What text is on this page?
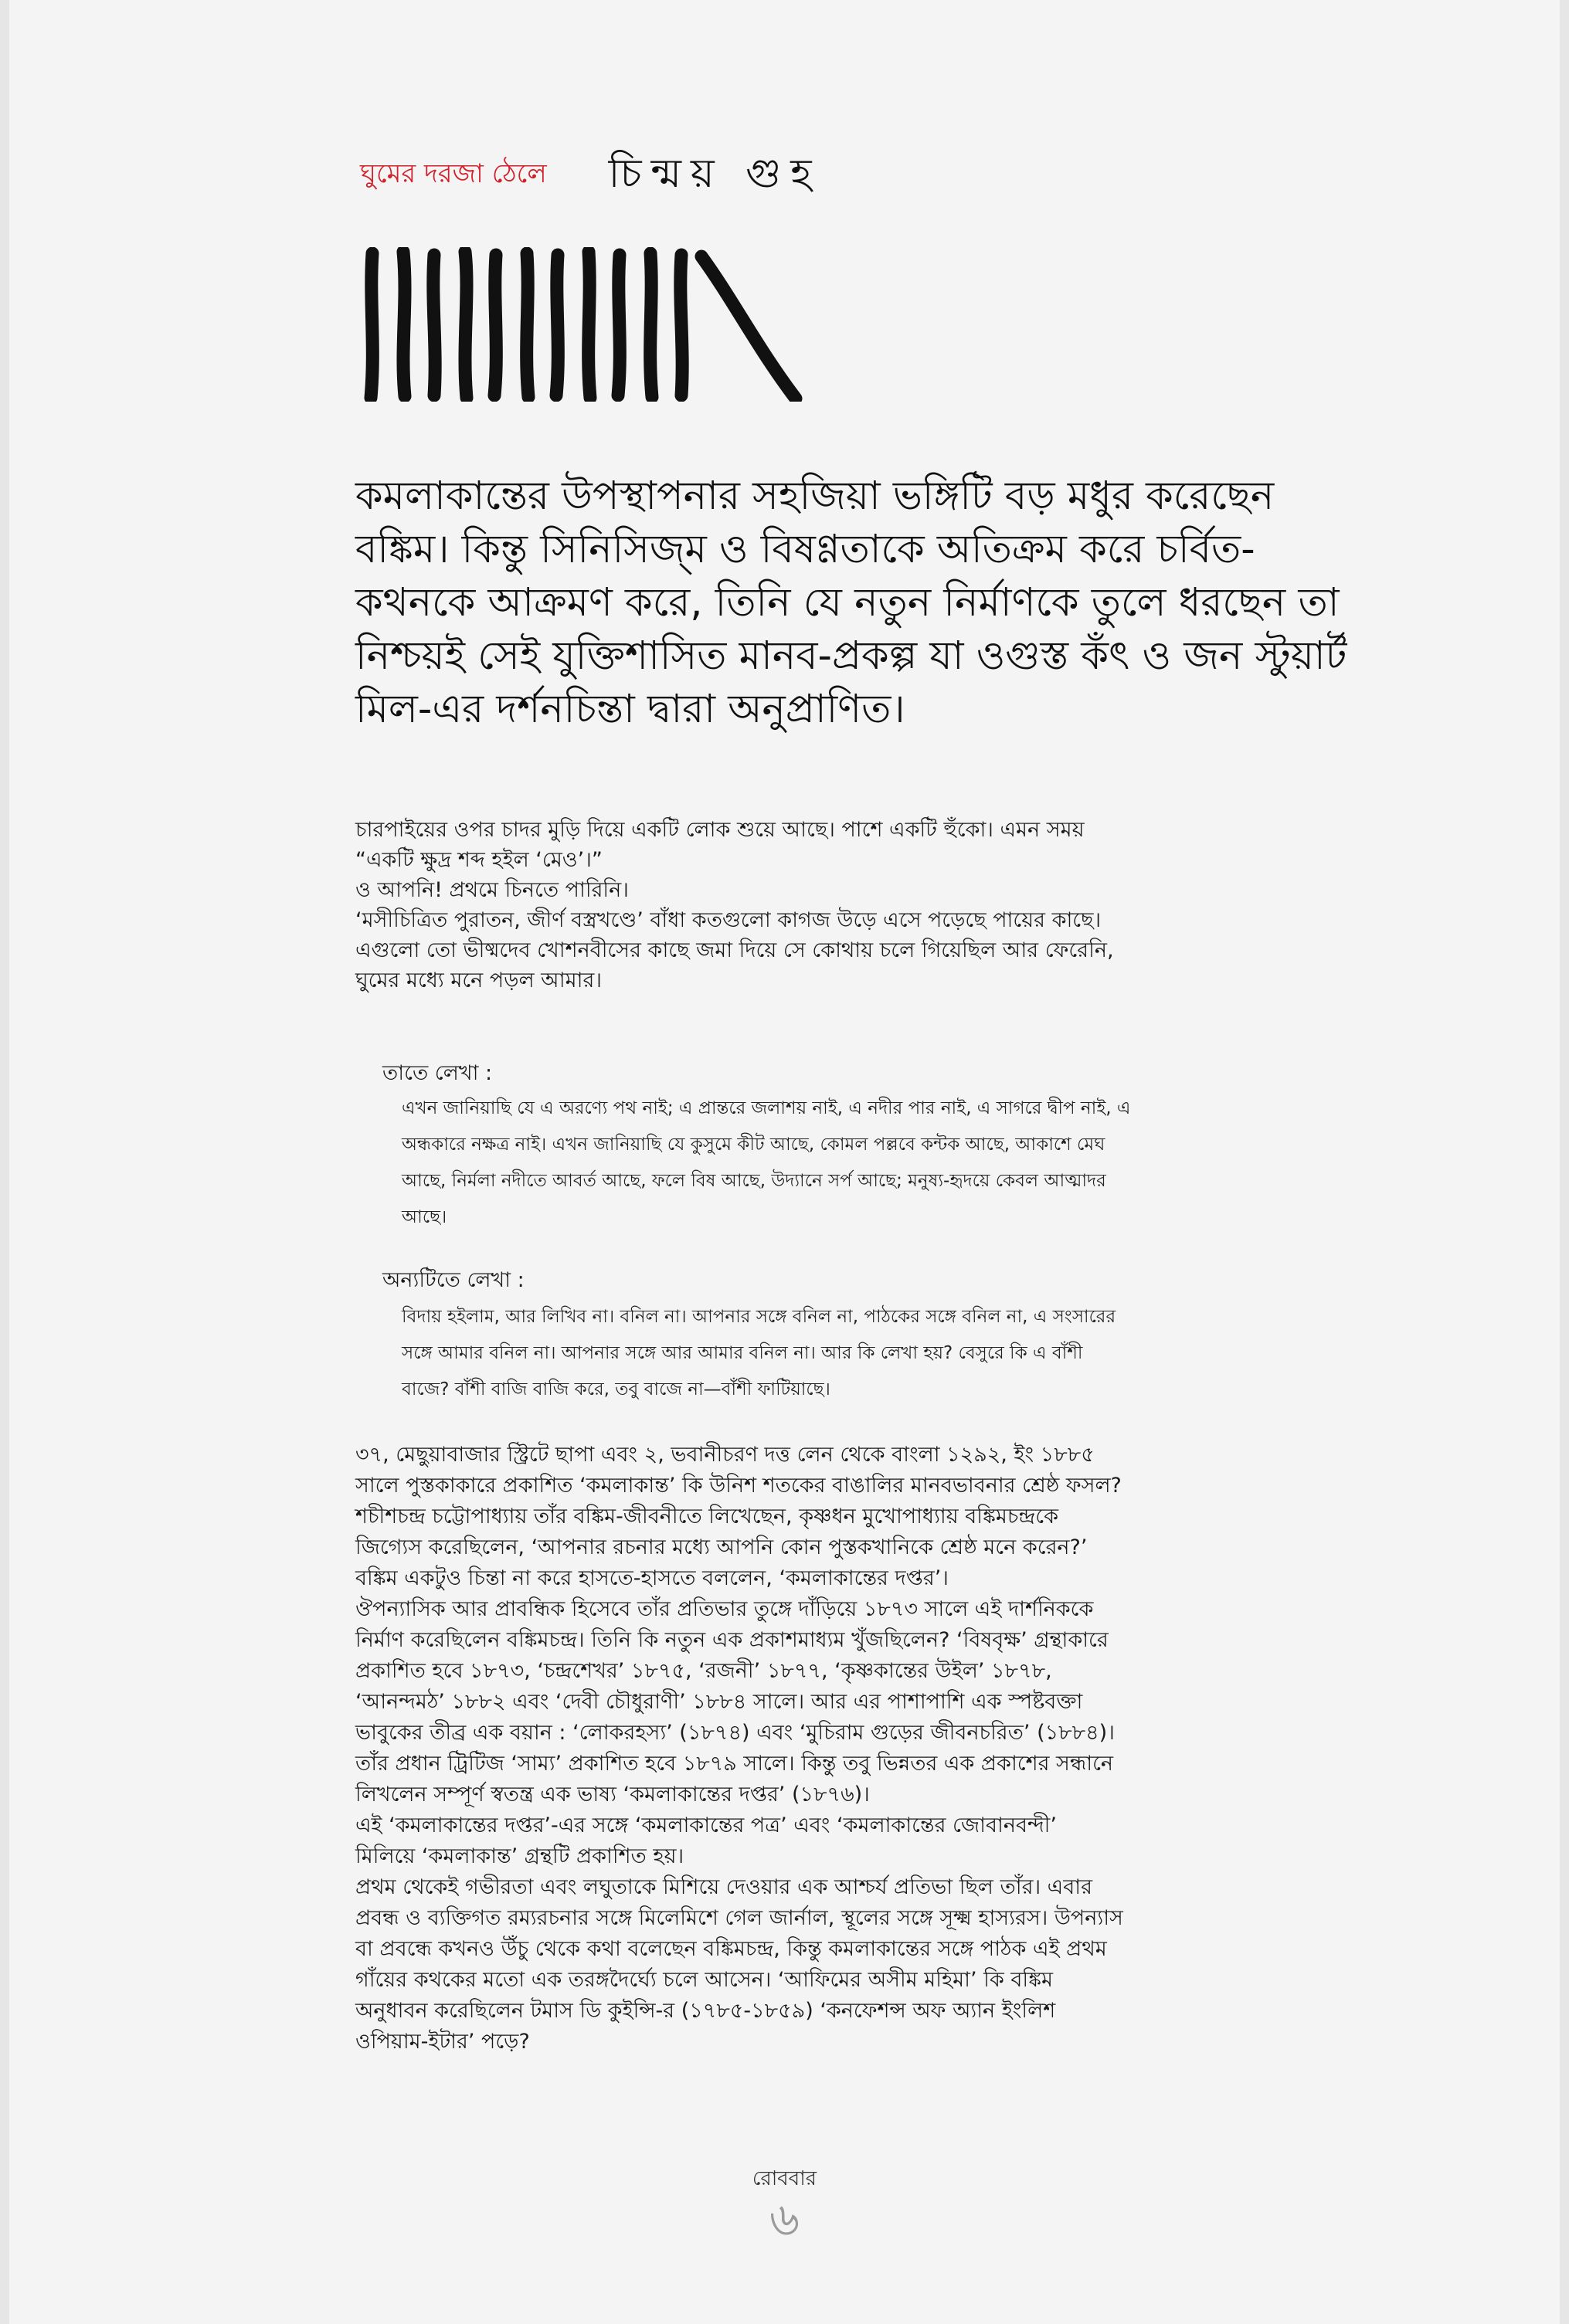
ঘুমের দরজা ঠেলে চিন্ময় গুহ
কমলাকান্তের উপস্থাপনার সহজিয়া ভঙ্গিটি বড় মধুর করেছেন
বঙ্কিম। কিন্তু সিনিসিজ্‌ম ও বিষণ্ণতাকে অতিক্রম করে চর্বিত-
কথনকে আক্রমণ করে, তিনি যে নতুন নির্মাণকে তুলে ধরছেন তা
নিশ্চয়ই সেই যুক্তিশাসিত মানব-প্রকল্প যা ওগুস্ত কঁৎ ও জন স্টুয়ার্ট
মিল-এর দর্শনচিন্তা দ্বারা অনুপ্রাণিত।
চারপাইয়ের ওপর চাদর মুড়ি দিয়ে একটি লোক শুয়ে আছে। পাশে একটি হুঁকো। এমন সময়
“একটি ক্ষুদ্র শব্দ হইল ‘মেও’।”
ও আপনি! প্রথমে চিনতে পারিনি।
‘মসীচিত্রিত পুরাতন, জীর্ণ বস্ত্রখণ্ডে’ বাঁধা কতগুলো কাগজ উড়ে এসে পড়েছে পায়ের কাছে।
এগুলো তো ভীষ্মদেব খোশনবীসের কাছে জমা দিয়ে সে কোথায় চলে গিয়েছিল আর ফেরেনি,
ঘুমের মধ্যে মনে পড়ল আমার।
তাতে লেখা :
এখন জানিয়াছি যে এ অরণ্যে পথ নাই; এ প্রান্তরে জলাশয় নাই, এ নদীর পার নাই, এ সাগরে দ্বীপ নাই, এ
অন্ধকারে নক্ষত্র নাই। এখন জানিয়াছি যে কুসুমে কীট আছে, কোমল পল্লবে কন্টক আছে, আকাশে মেঘ
আছে, নির্মলা নদীতে আবর্ত আছে, ফলে বিষ আছে, উদ্যানে সর্প আছে; মনুষ্য-হৃদয়ে কেবল আত্মাদর
আছে।
অন্যটিতে লেখা :
বিদায় হইলাম, আর লিখিব না। বনিল না। আপনার সঙ্গে বনিল না, পাঠকের সঙ্গে বনিল না, এ সংসারের
সঙ্গে আমার বনিল না। আপনার সঙ্গে আর আমার বনিল না। আর কি লেখা হয়? বেসুরে কি এ বাঁশী
বাজে? বাঁশী বাজি বাজি করে, তবু বাজে না—বাঁশী ফাটিয়াছে।
৩৭, মেছুয়াবাজার স্ট্রিটে ছাপা এবং ২, ভবানীচরণ দত্ত লেন থেকে বাংলা ১২৯২, ইং ১৮৮৫
সালে পুস্তকাকারে প্রকাশিত ‘কমলাকান্ত’ কি উনিশ শতকের বাঙালির মানবভাবনার শ্রেষ্ঠ ফসল?
শচীশচন্দ্র চট্টোপাধ্যায় তাঁর বঙ্কিম-জীবনীতে লিখেছেন, কৃষ্ণধন মুখোপাধ্যায় বঙ্কিমচন্দ্রকে
জিগ্যেস করেছিলেন, ‘আপনার রচনার মধ্যে আপনি কোন পুস্তকখানিকে শ্রেষ্ঠ মনে করেন?’
বঙ্কিম একটুও চিন্তা না করে হাসতে-হাসতে বললেন, ‘কমলাকান্তের দপ্তর’।
ঔপন্যাসিক আর প্রাবন্ধিক হিসেবে তাঁর প্রতিভার তুঙ্গে দাঁড়িয়ে ১৮৭৩ সালে এই দার্শনিককে
নির্মাণ করেছিলেন বঙ্কিমচন্দ্র। তিনি কি নতুন এক প্রকাশমাধ্যম খুঁজছিলেন? ‘বিষবৃক্ষ’ গ্রন্থাকারে
প্রকাশিত হবে ১৮৭৩, ‘চন্দ্রশেখর’ ১৮৭৫, ‘রজনী’ ১৮৭৭, ‘কৃষ্ণকান্তের উইল’ ১৮৭৮,
‘আনন্দমঠ’ ১৮৮২ এবং ‘দেবী চৌধুরাণী’ ১৮৮৪ সালে। আর এর পাশাপাশি এক স্পষ্টবক্তা
ভাবুকের তীব্র এক বয়ান : ‘লোকরহস্য’ (১৮৭৪) এবং ‘মুচিরাম গুড়ের জীবনচরিত’ (১৮৮৪)।
তাঁর প্রধান ট্রিটিজ ‘সাম্য’ প্রকাশিত হবে ১৮৭৯ সালে। কিন্তু তবু ভিন্নতর এক প্রকাশের সন্ধানে
লিখলেন সম্পূর্ণ স্বতন্ত্র এক ভাষ্য ‘কমলাকান্তের দপ্তর’ (১৮৭৬)।
এই ‘কমলাকান্তের দপ্তর’-এর সঙ্গে ‘কমলাকান্তের পত্র’ এবং ‘কমলাকান্তের জোবানবন্দী’
মিলিয়ে ‘কমলাকান্ত’ গ্রন্থটি প্রকাশিত হয়।
প্রথম থেকেই গভীরতা এবং লঘুতাকে মিশিয়ে দেওয়ার এক আশ্চর্য প্রতিভা ছিল তাঁর। এবার
প্রবন্ধ ও ব্যক্তিগত রম্যরচনার সঙ্গে মিলেমিশে গেল জার্নাল, স্থূলের সঙ্গে সূক্ষ্ম হাস্যরস। উপন্যাস
বা প্রবন্ধে কখনও উঁচু থেকে কথা বলেছেন বঙ্কিমচন্দ্র, কিন্তু কমলাকান্তের সঙ্গে পাঠক এই প্রথম
গাঁয়ের কথকের মতো এক তরঙ্গদৈর্ঘ্যে চলে আসেন। ‘আফিমের অসীম মহিমা’ কি বঙ্কিম
অনুধাবন করেছিলেন টমাস ডি কুইন্সি-র (১৭৮৫-১৮৫৯) ‘কনফেশন্স অফ অ্যান ইংলিশ
ওপিয়াম-ইটার’ পড়ে?
রোববার
৬
